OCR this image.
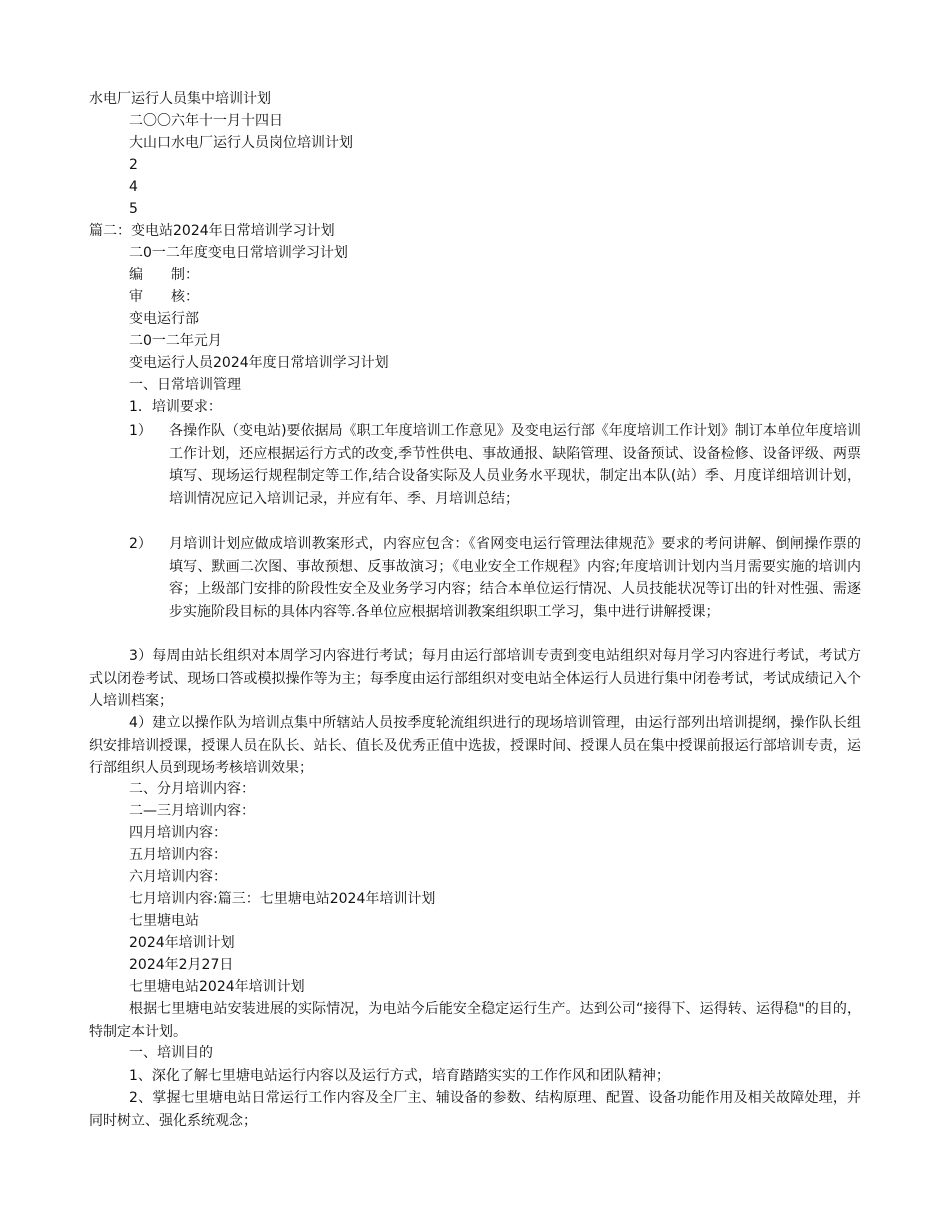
水电厂运行人员集中培训计划
二〇〇六年十一月十四日
大山口水电厂运行人员岗位培训计划
2
4
5
篇二：变电站2024年日常培训学习计划
二0一二年度变电日常培训学习计划
编　　制：
审　　核：
变电运行部
二0一二年元月
变电运行人员2024年度日常培训学习计划
一、日常培训管理
1．培训要求：
1） 各操作队（变电站)要依据局《职工年度培训工作意见》及变电运行部《年度培训工作计划》制订本单位年度培训工作计划，还应根据运行方式的改变,季节性供电、事故通报、缺陷管理、设备预试、设备检修、设备评级、两票填写、现场运行规程制定等工作,结合设备实际及人员业务水平现状，制定出本队(站）季、月度详细培训计划，培训情况应记入培训记录，并应有年、季、月培训总结；
2） 月培训计划应做成培训教案形式，内容应包含：《省网变电运行管理法律规范》要求的考问讲解、倒闸操作票的填写、默画二次图、事故预想、反事故演习；《电业安全工作规程》内容;年度培训计划内当月需要实施的培训内容；上级部门安排的阶段性安全及业务学习内容；结合本单位运行情况、人员技能状况等订出的针对性强、需逐步实施阶段目标的具体内容等.各单位应根据培训教案组织职工学习，集中进行讲解授课；
3）每周由站长组织对本周学习内容进行考试；每月由运行部培训专责到变电站组织对每月学习内容进行考试，考试方式以闭卷考试、现场口答或模拟操作等为主；每季度由运行部组织对变电站全体运行人员进行集中闭卷考试，考试成绩记入个人培训档案；
4）建立以操作队为培训点集中所辖站人员按季度轮流组织进行的现场培训管理，由运行部列出培训提纲，操作队长组织安排培训授课，授课人员在队长、站长、值长及优秀正值中选拔，授课时间、授课人员在集中授课前报运行部培训专责，运行部组织人员到现场考核培训效果；
二、分月培训内容：
二—三月培训内容：
四月培训内容：
五月培训内容：
六月培训内容：
七月培训内容:篇三：七里塘电站2024年培训计划
七里塘电站
2024年培训计划
2024年2月27日
七里塘电站2024年培训计划
根据七里塘电站安装进展的实际情况，为电站今后能安全稳定运行生产。达到公司“接得下、运得转、运得稳"的目的，特制定本计划。
一、培训目的
1、深化了解七里塘电站运行内容以及运行方式，培育踏踏实实的工作作风和团队精神；
2、掌握七里塘电站日常运行工作内容及全厂主、辅设备的参数、结构原理、配置、设备功能作用及相关故障处理，并同时树立、强化系统观念；
